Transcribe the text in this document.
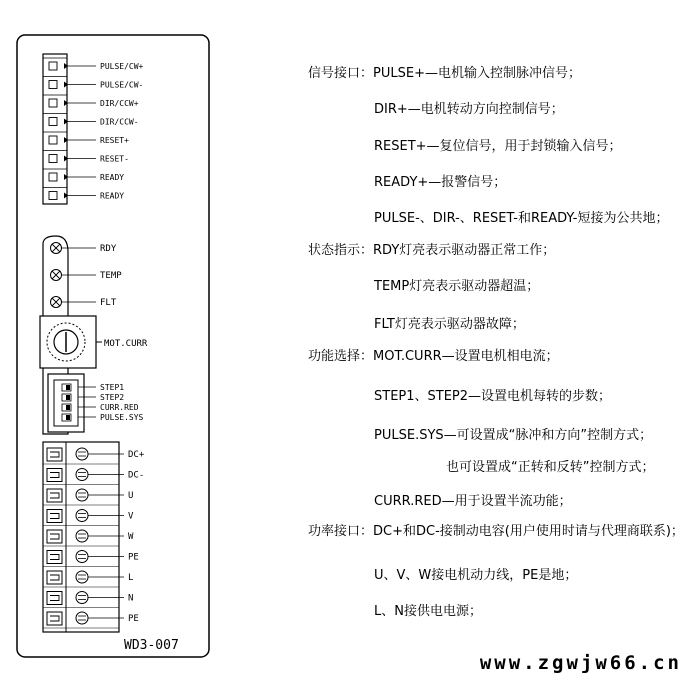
PULSE/CW+
PULSE/CW-
DIR/CCW+
DIR/CCW-
RESET+
RESET-
READY
READY
RDY
TEMP
FLT
MOT.CURR
STEP1
STEP2
CURR.RED
PULSE.SYS
DC+
DC-
U
V
W
PE
L
N
PE
WD3-007
信号接口：PULSE+—电机输入控制脉冲信号；
DIR+—电机转动方向控制信号；
RESET+—复位信号，用于封锁输入信号；
READY+—报警信号；
PULSE-、DIR-、RESET-和READY-短接为公共地；
状态指示：RDY灯亮表示驱动器正常工作；
TEMP灯亮表示驱动器超温；
FLT灯亮表示驱动器故障；
功能选择：MOT.CURR—设置电机相电流；
STEP1、STEP2—设置电机每转的步数；
PULSE.SYS—可设置成“脉冲和方向”控制方式；
也可设置成“正转和反转”控制方式；
CURR.RED—用于设置半流功能；
功率接口：DC+和DC-接制动电容(用户使用时请与代理商联系)；
U、V、W接电机动力线，PE是地；
L、N接供电电源；
www.zgwjw66.cn
